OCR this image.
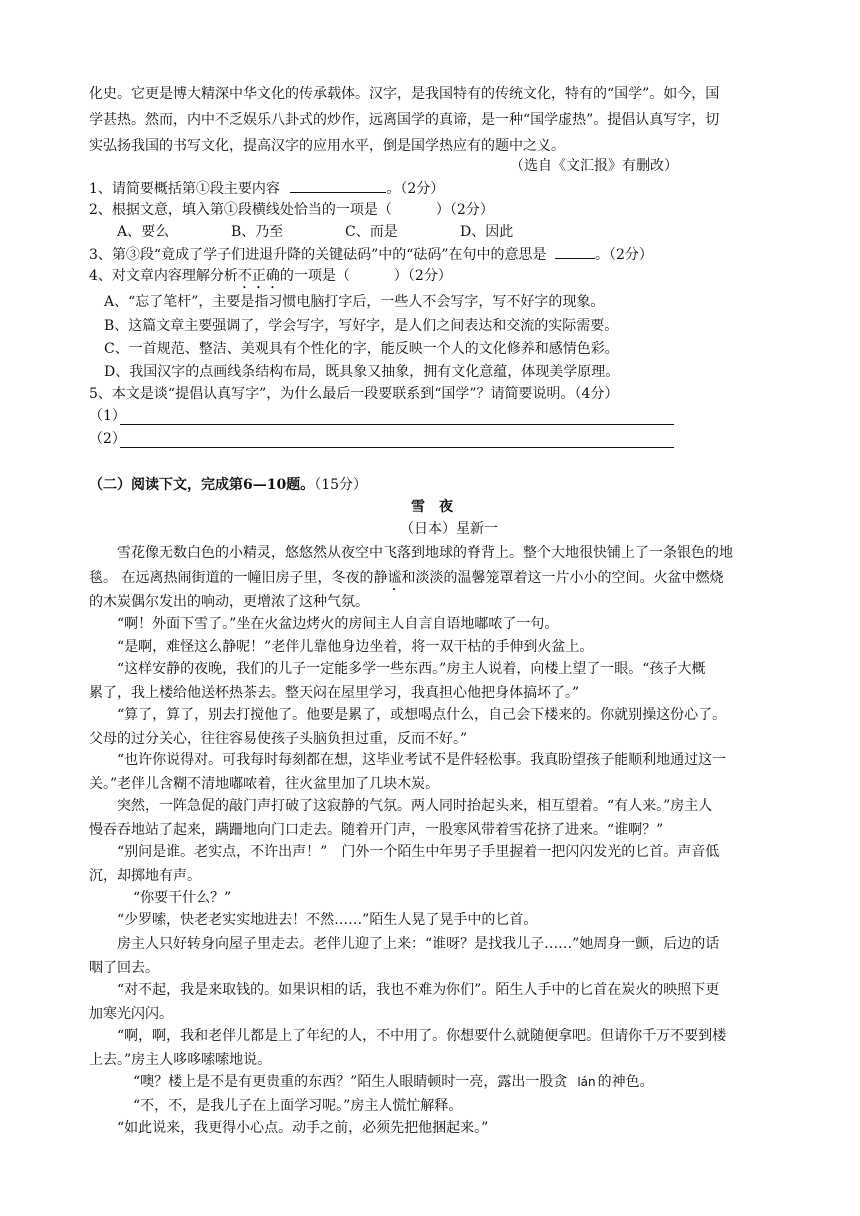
化史。它更是博大精深中华文化的传承载体。汉字，是我国特有的传统文化，特有的“国学”。如今，国
学甚热。然而，内中不乏娱乐八卦式的炒作，远离国学的真谛，是一种“国学虚热”。提倡认真写字，切
实弘扬我国的书写文化，提高汉字的应用水平，倒是国学热应有的题中之义。
（选自《文汇报》有删改）
1、请简要概括第①段主要内容	。（2分）
2、根据文意，填入第①段横线处恰当的一项是（	）（2分）
A、要么	B、乃至	C、而是	D、因此
3、第③段“竟成了学子们进退升降的关键砝码”中的“砝码”在句中的意思是	。（2分）
4、对文章内容理解分析不正确的一项是（	）（2分）
A、“忘了笔杆”，主要是指习惯电脑打字后，一些人不会写字，写不好字的现象。
B、这篇文章主要强调了，学会写字，写好字，是人们之间表达和交流的实际需要。
C、一首规范、整洁、美观具有个性化的字，能反映一个人的文化修养和感情色彩。
D、我国汉字的点画线条结构布局，既具象又抽象，拥有文化意蕴，体现美学原理。
5、本文是谈“提倡认真写字”，为什么最后一段要联系到“国学”？请简要说明。（4分）
（1）
（2）
（二）阅读下文，完成第6—10题。（15分）
雪　夜
（日本）星新一
雪花像无数白色的小精灵，悠悠然从夜空中飞落到地球的脊背上。整个大地很快铺上了一条银色的地
毯。 在远离热闹街道的一幢旧房子里，冬夜的静谧和淡淡的温馨笼罩着这一片小小的空间。火盆中燃烧
的木炭偶尔发出的响动，更增浓了这种气氛。
“啊！外面下雪了。”坐在火盆边烤火的房间主人自言自语地嘟哝了一句。
“是啊，难怪这么静呢！”老伴儿靠他身边坐着，将一双干枯的手伸到火盆上。
“这样安静的夜晚，我们的儿子一定能多学一些东西。”房主人说着，向楼上望了一眼。“孩子大概
累了，我上楼给他送杯热茶去。整天闷在屋里学习，我真担心他把身体搞坏了。”
“算了，算了，别去打搅他了。他要是累了，或想喝点什么，自己会下楼来的。你就别操这份心了。
父母的过分关心，往往容易使孩子头脑负担过重，反而不好。”
“也许你说得对。可我每时每刻都在想，这毕业考试不是件轻松事。我真盼望孩子能顺利地通过这一
关。”老伴儿含糊不清地嘟哝着，往火盆里加了几块木炭。
突然，一阵急促的敲门声打破了这寂静的气氛。两人同时抬起头来，相互望着。“有人来。”房主人
慢吞吞地站了起来，蹒跚地向门口走去。随着开门声，一股寒风带着雪花挤了进来。“谁啊？”
“别问是谁。老实点，不许出声！”　门外一个陌生中年男子手里握着一把闪闪发光的匕首。声音低
沉，却掷地有声。
“你要干什么？”
“少罗嗦，快老老实实地进去！不然……”陌生人晃了晃手中的匕首。
房主人只好转身向屋子里走去。老伴儿迎了上来：“谁呀？是找我儿子……”她周身一颤，后边的话
咽了回去。
“对不起，我是来取钱的。如果识相的话，我也不难为你们”。陌生人手中的匕首在炭火的映照下更
加寒光闪闪。
“啊，啊，我和老伴儿都是上了年纪的人，不中用了。你想要什么就随便拿吧。但请你千万不要到楼
上去。”房主人哆哆嗦嗦地说。
“噢？楼上是不是有更贵重的东西？”陌生人眼睛顿时一亮，露出一股贪 lán 的神色。
“不，不，是我儿子在上面学习呢。”房主人慌忙解释。
“如此说来，我更得小心点。动手之前，必须先把他捆起来。”
